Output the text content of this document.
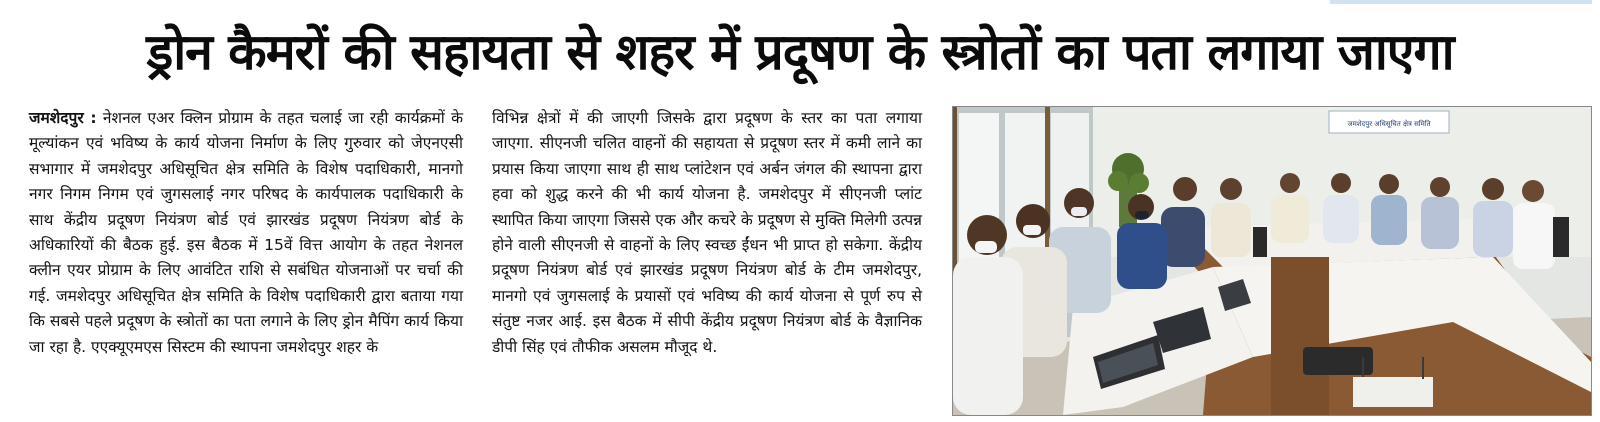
ड्रोन कैमरों की सहायता से शहर में प्रदूषण के स्त्रोतों का पता लगाया जाएगा
जमशेदपुर : नेशनल एअर क्लिन प्रोग्राम के तहत चलाई जा रही कार्यक्रमों के मूल्यांकन एवं भविष्य के कार्य योजना निर्माण के लिए गुरुवार को जेएनएसी सभागार में जमशेदपुर अधिसूचित क्षेत्र समिति के विशेष पदाधिकारी, मानगो नगर निगम निगम एवं जुगसलाई नगर परिषद के कार्यपालक पदाधिकारी के साथ केंद्रीय प्रदूषण नियंत्रण बोर्ड एवं झारखंड प्रदूषण नियंत्रण बोर्ड के अधिकारियों की बैठक हुई. इस बैठक में 15वें वित्त आयोग के तहत नेशनल क्लीन एयर प्रोग्राम के लिए आवंटित राशि से सबंधित योजनाओं पर चर्चा की गई. जमशेदपुर अधिसूचित क्षेत्र समिति के विशेष पदाधिकारी द्वारा बताया गया कि सबसे पहले प्रदूषण के स्त्रोतों का पता लगाने के लिए ड्रोन मैपिंग कार्य किया जा रहा है. एएक्यूएमएस सिस्टम की स्थापना जमशेदपुर शहर के
विभिन्न क्षेत्रों में की जाएगी जिसके द्वारा प्रदूषण के स्तर का पता लगाया जाएगा. सीएनजी चलित वाहनों की सहायता से प्रदूषण स्तर में कमी लाने का प्रयास किया जाएगा साथ ही साथ प्लांटेशन एवं अर्बन जंगल की स्थापना द्वारा हवा को शुद्ध करने की भी कार्य योजना है. जमशेदपुर में सीएनजी प्लांट स्थापित किया जाएगा जिससे एक और कचरे के प्रदूषण से मुक्ति मिलेगी उत्पन्न होने वाली सीएनजी से वाहनों के लिए स्वच्छ ईंधन भी प्राप्त हो सकेगा. केंद्रीय प्रदूषण नियंत्रण बोर्ड एवं झारखंड प्रदूषण नियंत्रण बोर्ड के टीम जमशेदपुर, मानगो एवं जुगसलाई के प्रयासों एवं भविष्य की कार्य योजना से पूर्ण रुप से संतुष्ट नजर आई. इस बैठक में सीपी केंद्रीय प्रदूषण नियंत्रण बोर्ड के वैज्ञानिक डीपी सिंह एवं तौफीक असलम मौजूद थे.
जमशेदपुर अधिसूचित क्षेत्र समिति
